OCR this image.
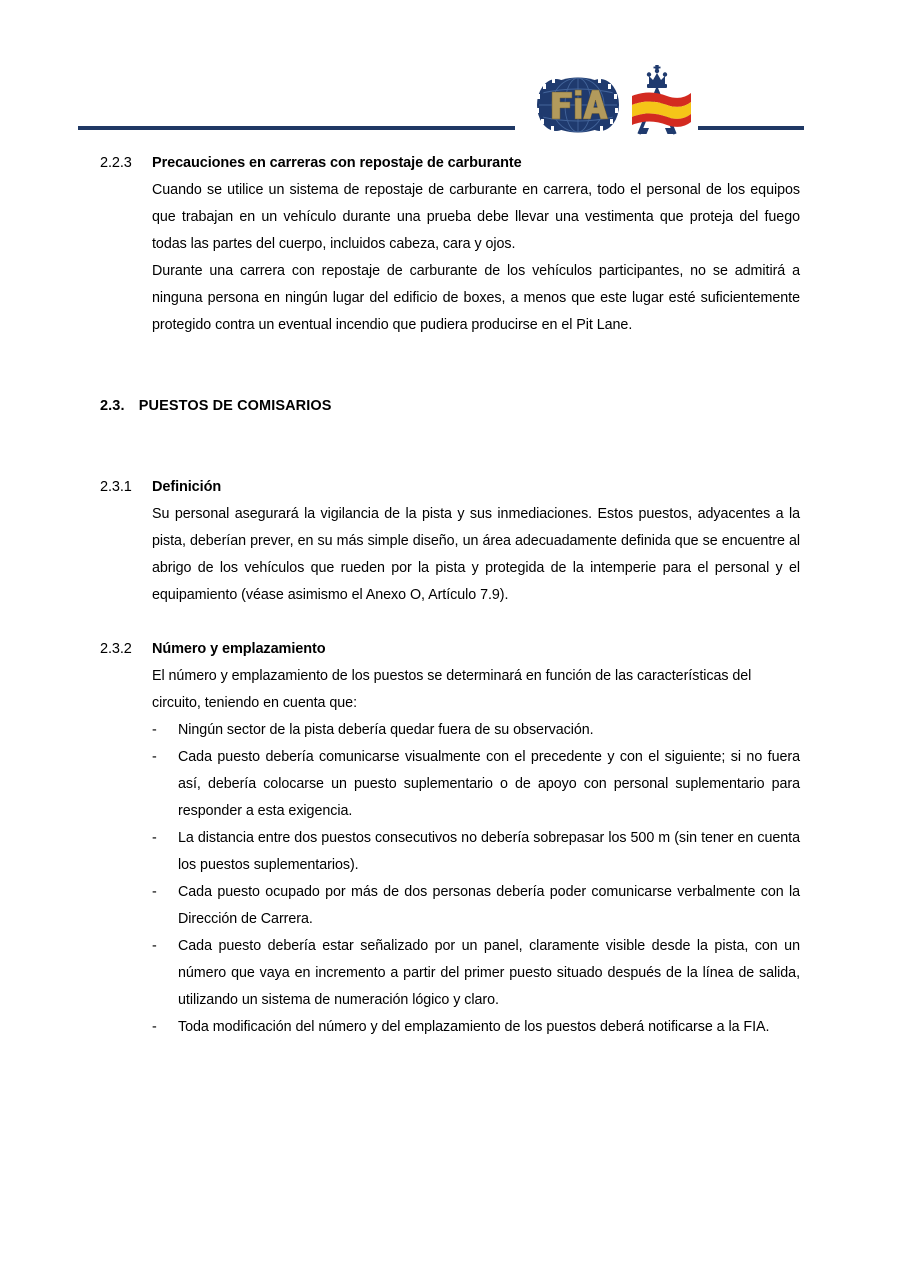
2.2.3 Precauciones en carreras con repostaje de carburante

Cuando se utilice un sistema de repostaje de carburante en carrera, todo el personal de los equipos que trabajan en un vehículo durante una prueba debe llevar una vestimenta que proteja del fuego todas las partes del cuerpo, incluidos cabeza, cara y ojos.

Durante una carrera con repostaje de carburante de los vehículos participantes, no se admitirá a ninguna persona en ningún lugar del edificio de boxes, a menos que este lugar esté suficientemente protegido contra un eventual incendio que pudiera producirse en el Pit Lane.

2.3. PUESTOS DE COMISARIOS
2.3.1 Definición

Su personal asegurará la vigilancia de la pista y sus inmediaciones. Estos puestos, adyacentes a la pista, deberían prever, en su más simple diseño, un área adecuadamente definida que se encuentre al abrigo de los vehículos que rueden por la pista y protegida de la intemperie para el personal y el equipamiento (véase asimismo el Anexo O, Artículo 7.9).

2.3.2 Número y emplazamiento

El número y emplazamiento de los puestos se determinará en función de las características del circuito, teniendo en cuenta que:

- Ningún sector de la pista debería quedar fuera de su observación.
- Cada puesto debería comunicarse visualmente con el precedente y con el siguiente; si no fuera así, debería colocarse un puesto suplementario o de apoyo con personal suplementario para responder a esta exigencia.
- La distancia entre dos puestos consecutivos no debería sobrepasar los 500 m (sin tener en cuenta los puestos suplementarios).
- Cada puesto ocupado por más de dos personas debería poder comunicarse verbalmente con la Dirección de Carrera.
- Cada puesto debería estar señalizado por un panel, claramente visible desde la pista, con un número que vaya en incremento a partir del primer puesto situado después de la línea de salida, utilizando un sistema de numeración lógico y claro.
- Toda modificación del número y del emplazamiento de los puestos deberá notificarse a la FIA.
